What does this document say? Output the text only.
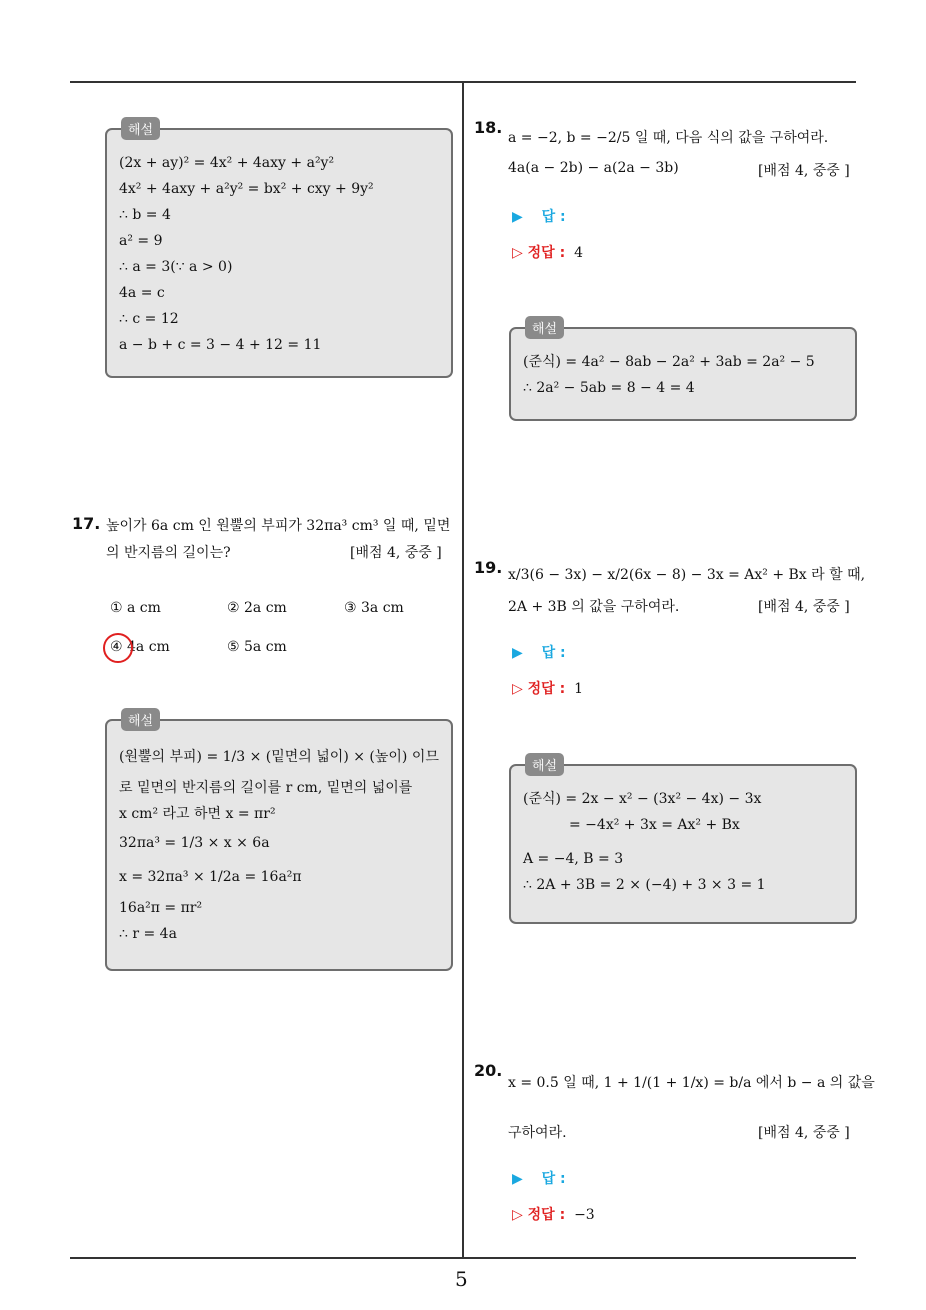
해설
(2x + ay)² = 4x² + 4axy + a²y²
4x² + 4axy + a²y² = bx² + cxy + 9y²
∴ b = 4
a² = 9
∴ a = 3(∵ a > 0)
4a = c
∴ c = 12
a − b + c = 3 − 4 + 12 = 11
17. 높이가 6a cm 인 원뿔의 부피가 32πa³ cm³ 일 때, 밑면
의 반지름의 길이는?	[배점 4, 중중 ]
① a cm	② 2a cm	③ 3a cm
④ 4a cm	⑤ 5a cm
해설
(원뿔의 부피) = 1/3 × (밑면의 넓이) × (높이) 이므
로 밑면의 반지름의 길이를 r cm, 밑면의 넓이를
x cm² 라고 하면 x = πr²
32πa³ = 1/3 × x × 6a
x = 32πa³ × 1/2a = 16a²π
16a²π = πr²
∴ r = 4a
18.
a = −2, b = −2/5 일 때, 다음 식의 값을 구하여라.
4a(a − 2b) − a(2a − 3b)	[배점 4, 중중 ]
▶ 답 :
▷ 정답 : 4
해설
(준식) = 4a² − 8ab − 2a² + 3ab = 2a² − 5
∴ 2a² − 5ab = 8 − 4 = 4
19. x/3(6 − 3x) − x/2(6x − 8) − 3x = Ax² + Bx 라 할 때,
2A + 3B 의 값을 구하여라.	[배점 4, 중중 ]
▶ 답 :
▷ 정답 : 1
해설
(준식) = 2x − x² − (3x² − 4x) − 3x
= −4x² + 3x = Ax² + Bx
A = −4, B = 3
∴ 2A + 3B = 2 × (−4) + 3 × 3 = 1
20.
x = 0.5̇ 일 때, 1 + 1/(1 + 1/x) = b/a 에서 b − a 의 값을
구하여라.	[배점 4, 중중 ]
▶ 답 :
▷ 정답 : −3
5
